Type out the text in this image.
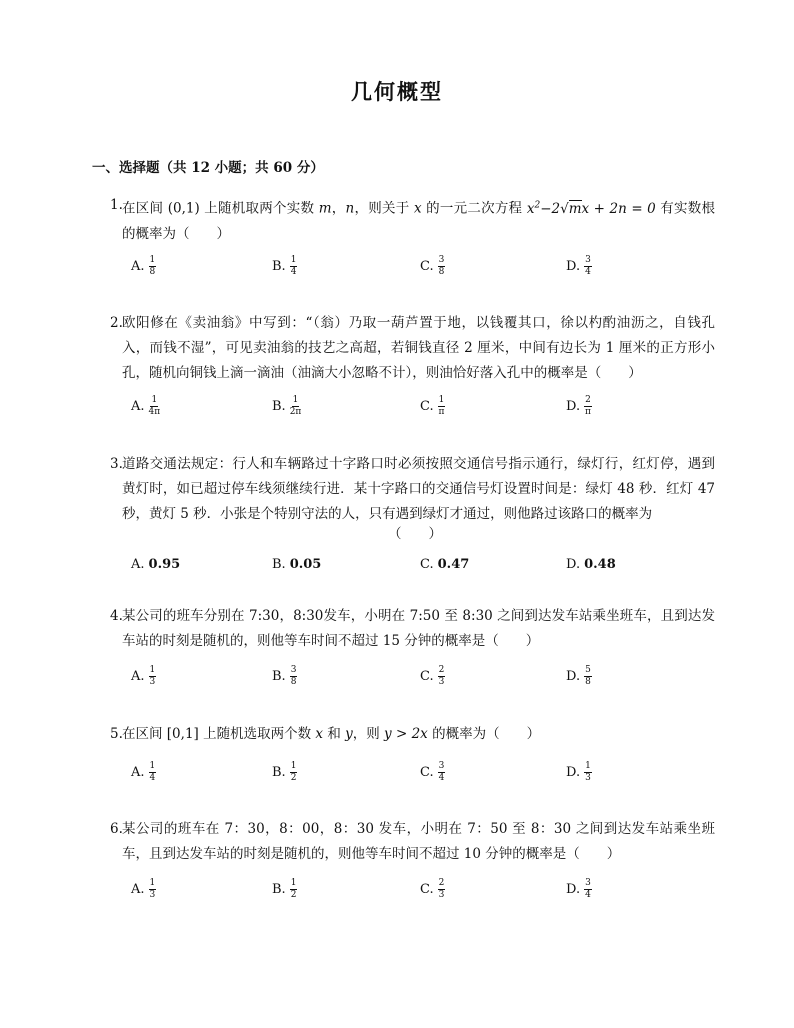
几何概型
一、选择题（共 12 小题；共 60 分）
1. 在区间 (0,1) 上随机取两个实数 m，n，则关于 x 的一元二次方程 $x^2-2√mx + 2n = 0$ 有实数根的概率为（　　）
A. $\frac{1}{8}$	B. $\frac{1}{4}$	C. $\frac{3}{8}$	D. $\frac{3}{4}$
2. 欧阳修在《卖油翁》中写到：“（翁）乃取一葫芦置于地，以钱覆其口，徐以杓酌油沥之，自钱孔入，而钱不湿”，可见卖油翁的技艺之高超，若铜钱直径 2 厘米，中间有边长为 1 厘米的正方形小孔，随机向铜钱上滴一滴油（油滴大小忽略不计），则油恰好落入孔中的概率是（　　）
A. $\frac{1}{4\pi}$	B. $\frac{1}{2\pi}$	C. $\frac{1}{\pi}$	D. $\frac{2}{\pi}$
3. 道路交通法规定：行人和车辆路过十字路口时必须按照交通信号指示通行，绿灯行，红灯停，遇到黄灯时，如已超过停车线须继续行进．某十字路口的交通信号灯设置时间是：绿灯 48 秒．红灯 47 秒，黄灯 5 秒．小张是个特别守法的人，只有遇到绿灯才通过，则他路过该路口的概率为
（　　）
A. 0.95	B. 0.05	C. 0.47	D. 0.48
4. 某公司的班车分别在 7:30，8:30发车，小明在 7:50 至 8:30 之间到达发车站乘坐班车，且到达发车站的时刻是随机的，则他等车时间不超过 15 分钟的概率是（　　）
A. $\frac{1}{3}$	B. $\frac{3}{8}$	C. $\frac{2}{3}$	D. $\frac{5}{8}$
5. 在区间 [0,1] 上随机选取两个数 x 和 y，则 y > 2x 的概率为（　　）
A. $\frac{1}{4}$	B. $\frac{1}{2}$	C. $\frac{3}{4}$	D. $\frac{1}{3}$
6. 某公司的班车在 7：30，8：00，8：30 发车，小明在 7：50 至 8：30 之间到达发车站乘坐班车，且到达发车站的时刻是随机的，则他等车时间不超过 10 分钟的概率是（　　）
A. $\frac{1}{3}$	B. $\frac{1}{2}$	C. $\frac{2}{3}$	D. $\frac{3}{4}$
